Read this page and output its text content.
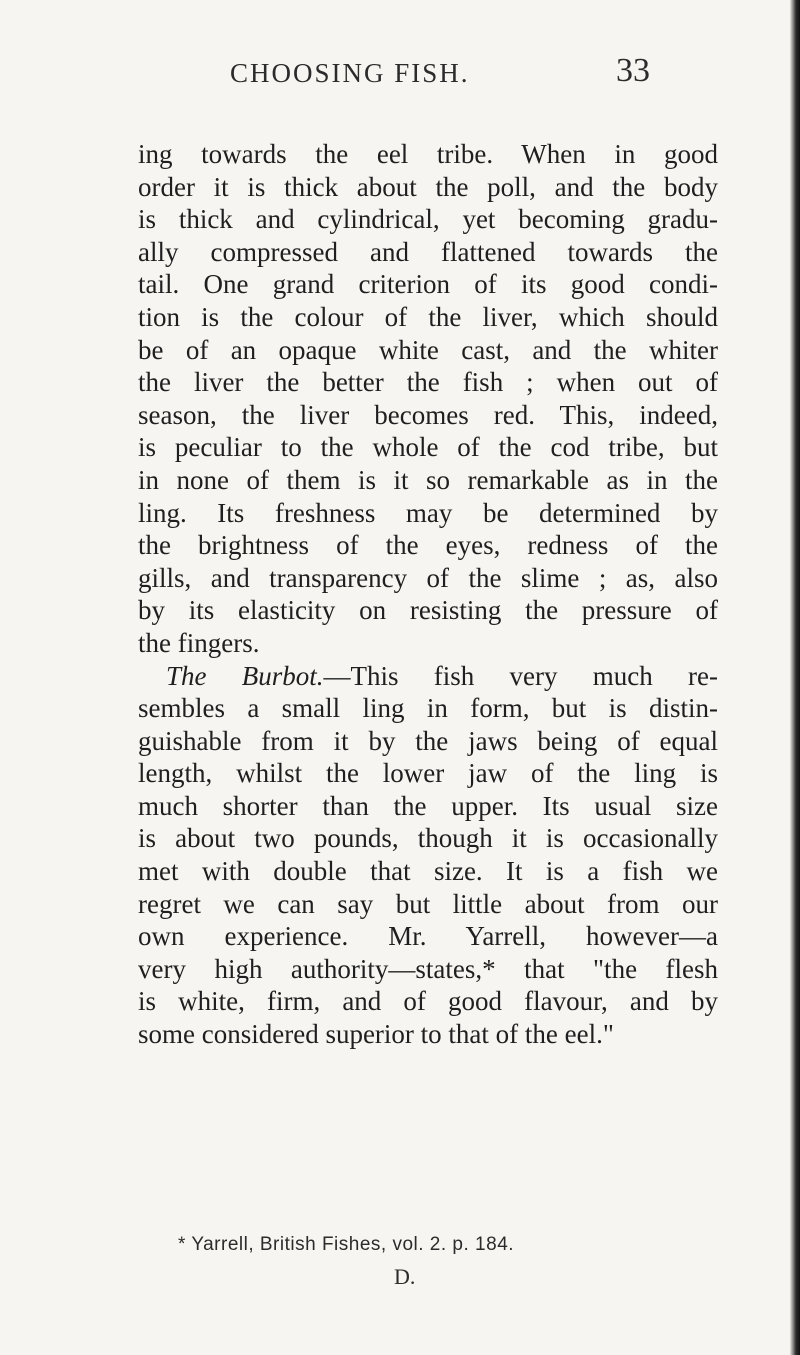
CHOOSING FISH.	33
ing towards the eel tribe. When in good
order it is thick about the poll, and the body
is thick and cylindrical, yet becoming gradu-
ally compressed and flattened towards the
tail. One grand criterion of its good condi-
tion is the colour of the liver, which should
be of an opaque white cast, and the whiter
the liver the better the fish ; when out of
season, the liver becomes red. This, indeed,
is peculiar to the whole of the cod tribe, but
in none of them is it so remarkable as in the
ling. Its freshness may be determined by
the brightness of the eyes, redness of the
gills, and transparency of the slime ; as, also
by its elasticity on resisting the pressure of
the fingers.
The Burbot.—This fish very much re-
sembles a small ling in form, but is distin-
guishable from it by the jaws being of equal
length, whilst the lower jaw of the ling is
much shorter than the upper. Its usual size
is about two pounds, though it is occasionally
met with double that size. It is a fish we
regret we can say but little about from our
own experience. Mr. Yarrell, however—a
very high authority—states,* that "the flesh
is white, firm, and of good flavour, and by
some considered superior to that of the eel."
* Yarrell, British Fishes, vol. 2. p. 184.
D.
